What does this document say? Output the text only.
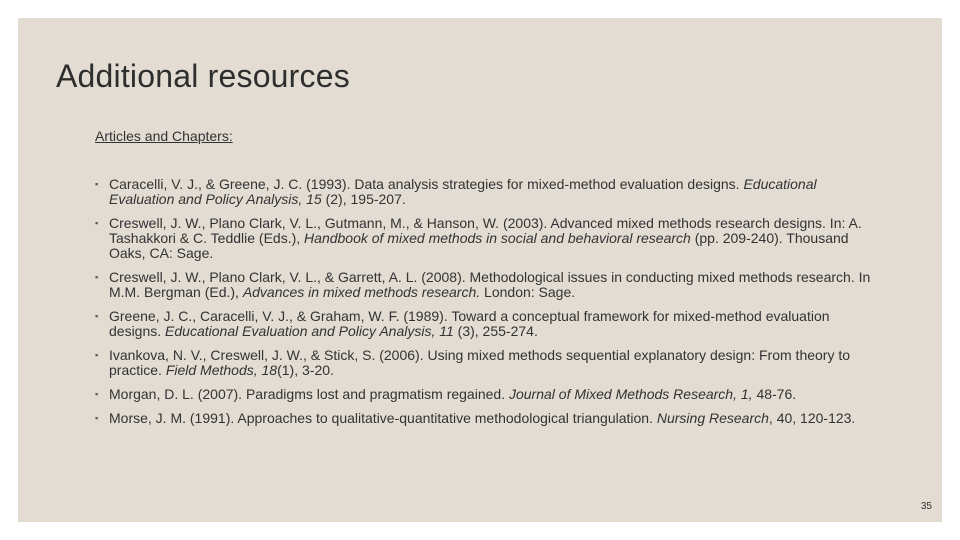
Additional resources

Articles and Chapters:

▪ Caracelli, V. J., & Greene, J. C. (1993). Data analysis strategies for mixed-method evaluation designs. Educational Evaluation and Policy Analysis, 15 (2), 195-207.
▪ Creswell, J. W., Plano Clark, V. L., Gutmann, M., & Hanson, W. (2003). Advanced mixed methods research designs. In: A. Tashakkori & C. Teddlie (Eds.), Handbook of mixed methods in social and behavioral research (pp. 209-240). Thousand Oaks, CA: Sage.
▪ Creswell, J. W., Plano Clark, V. L., & Garrett, A. L. (2008). Methodological issues in conducting mixed methods research. In M.M. Bergman (Ed.), Advances in mixed methods research. London: Sage.
▪ Greene, J. C., Caracelli, V. J., & Graham, W. F. (1989). Toward a conceptual framework for mixed-method evaluation designs. Educational Evaluation and Policy Analysis, 11 (3), 255-274.
▪ Ivankova, N. V., Creswell, J. W., & Stick, S. (2006). Using mixed methods sequential explanatory design: From theory to practice. Field Methods, 18(1), 3-20.
▪ Morgan, D. L. (2007). Paradigms lost and pragmatism regained. Journal of Mixed Methods Research, 1, 48-76.
▪ Morse, J. M. (1991). Approaches to qualitative-quantitative methodological triangulation. Nursing Research, 40, 120-123.
35
